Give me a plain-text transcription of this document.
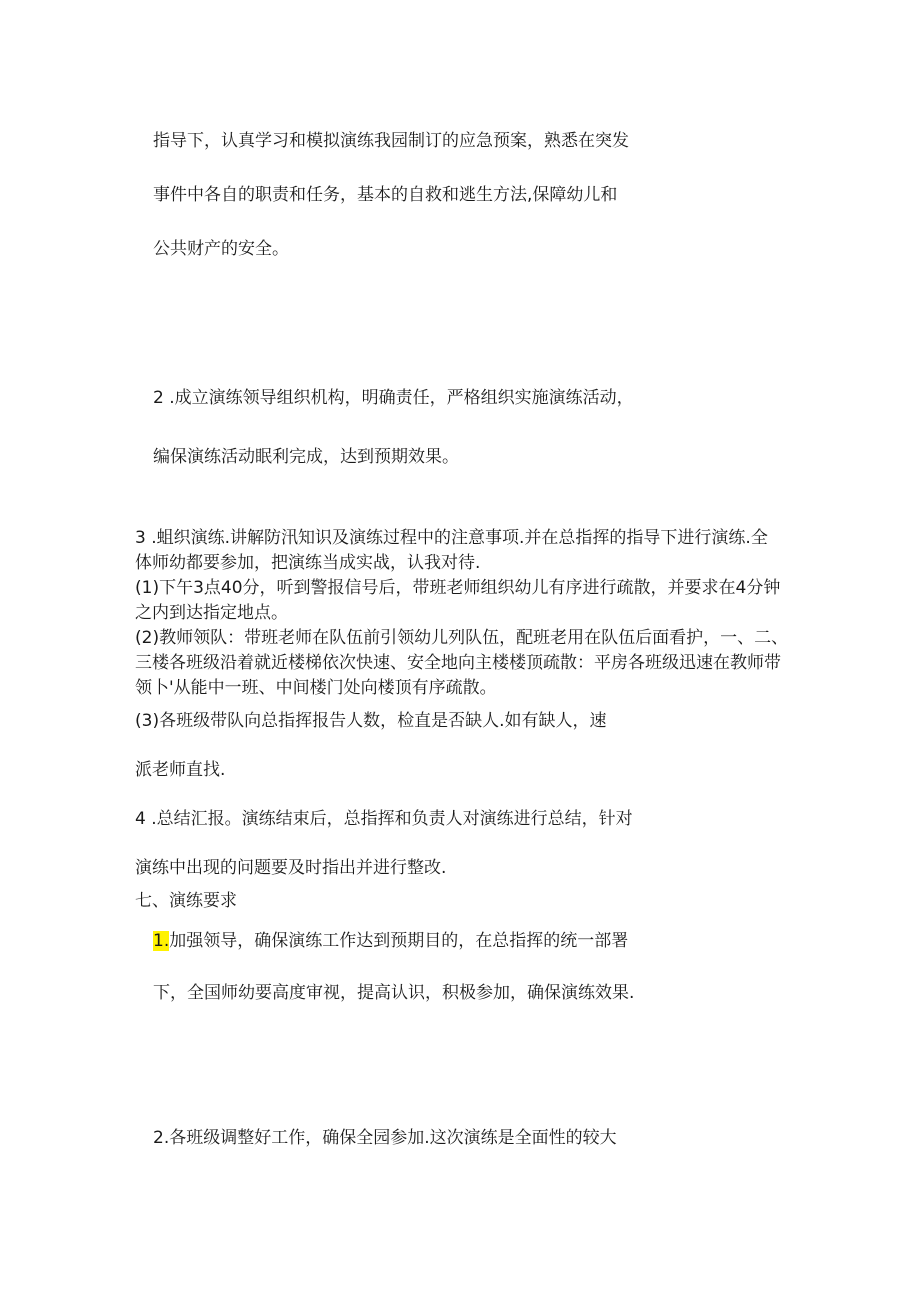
指导下，认真学习和模拟演练我园制订的应急预案，熟悉在突发

事件中各自的职责和任务，基本的自救和逃生方法,保障幼儿和

公共财产的安全。

2 .成立演练领导组织机构，明确责任，严格组织实施演练活动，

编保演练活动眠利完成，达到预期效果。

3 .蛆织演练.讲解防汛知识及演练过程中的注意事项.并在总指挥的指导下进行演练.全

体师幼都要参加，把演练当成实战，认我对待.

(1)下午3点40分，听到警报信号后，带班老师组织幼儿有序进行疏散，并要求在4分钟

之内到达指定地点。

(2)教师领队：带班老师在队伍前引领幼儿列队伍，配班老用在队伍后面看护，一、二、

三楼各班级沿着就近楼梯依次快速、安全地向主楼楼顶疏散：平房各班级迅速在教师带

领卜'从能中一班、中间楼门处向楼顶有序疏散。

(3)各班级带队向总指挥报告人数，检直是否缺人.如有缺人，速

派老师直找.

4 .总结汇报。演练结束后，总指挥和负责人对演练进行总结，针对

演练中出现的问题要及时指出并进行整改.

七、演练要求

1.加强领导，确保演练工作达到预期目的，在总指挥的统一部署

下，全国师幼要高度审视，提高认识，积极参加，确保演练效果.

2.各班级调整好工作，确保全园参加.这次演练是全面性的较大
